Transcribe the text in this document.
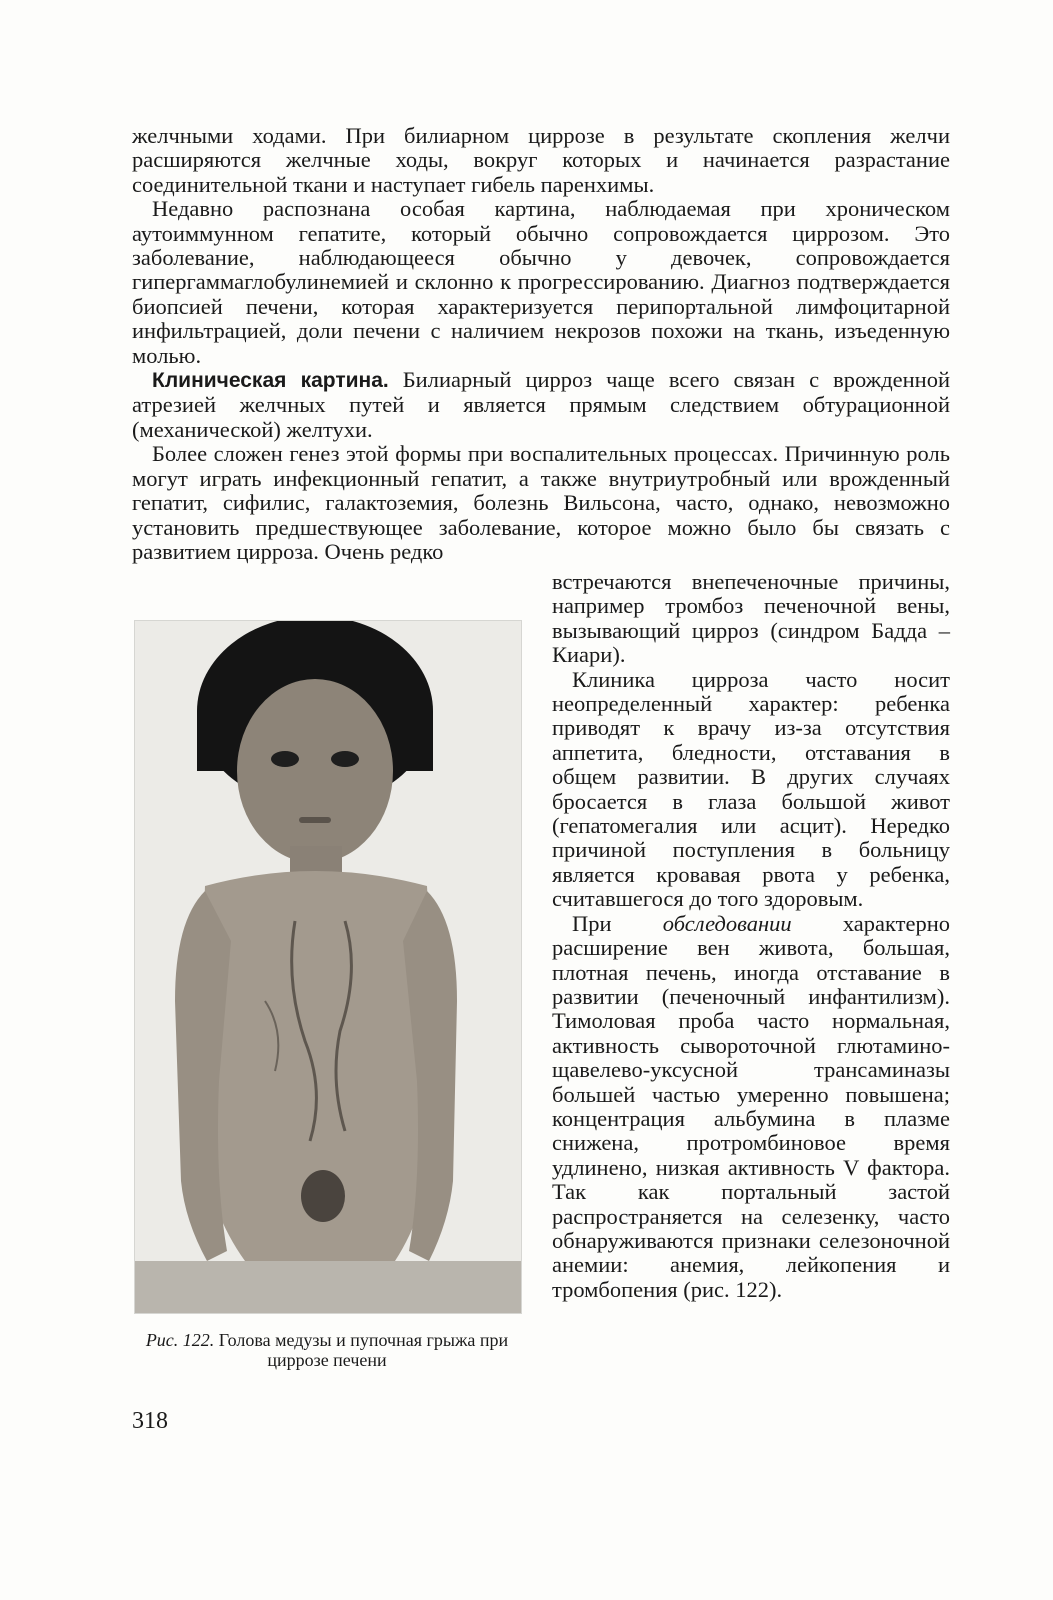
желчными ходами. При билиарном циррозе в результате скопления желчи расширяются желчные ходы, вокруг которых и начинается разрастание соединительной ткани и наступает гибель паренхимы.

Недавно распознана особая картина, наблюдаемая при хроническом аутоиммунном гепатите, который обычно сопровождается циррозом. Это заболевание, наблюдающееся обычно у девочек, сопровождается гипергаммаглобулинемией и склонно к прогрессированию. Диагноз подтверждается биопсией печени, которая характеризуется перипортальной лимфоцитарной инфильтрацией, доли печени с наличием некрозов похожи на ткань, изъеденную молью.

Клиническая картина. Билиарный цирроз чаще всего связан с врожденной атрезией желчных путей и является прямым следствием обтурационной (механической) желтухи.

Более сложен генез этой формы при воспалительных процессах. Причинную роль могут играть инфекционный гепатит, а также внутриутробный или врожденный гепатит, сифилис, галактоземия, болезнь Вильсона, часто, однако, невозможно установить предшествующее заболевание, которое можно было бы связать с развитием цирроза. Очень редко

Рис. 122. Голова медузы и пупочная грыжа при циррозе печени

встречаются внепеченочные причины, например тромбоз печеночной вены, вызывающий цирроз (синдром Бадда – Киари).

Клиника цирроза часто носит неопределенный характер: ребенка приводят к врачу из-за отсутствия аппетита, бледности, отставания в общем развитии. В других случаях бросается в глаза большой живот (гепатомегалия или асцит). Нередко причиной поступления в больницу является кровавая рвота у ребенка, считавшегося до того здоровым.

При обследовании характерно расширение вен живота, большая, плотная печень, иногда отставание в развитии (печеночный инфантилизм). Тимоловая проба часто нормальная, активность сывороточной глютамино-щавелево-уксусной трансаминазы большей частью умеренно повышена; концентрация альбумина в плазме снижена, протромбиновое время удлинено, низкая активность V фактора. Так как портальный застой распространяется на селезенку, часто обнаруживаются признаки селезоночной анемии: анемия, лейкопения и тромбопения (рис. 122).

318
